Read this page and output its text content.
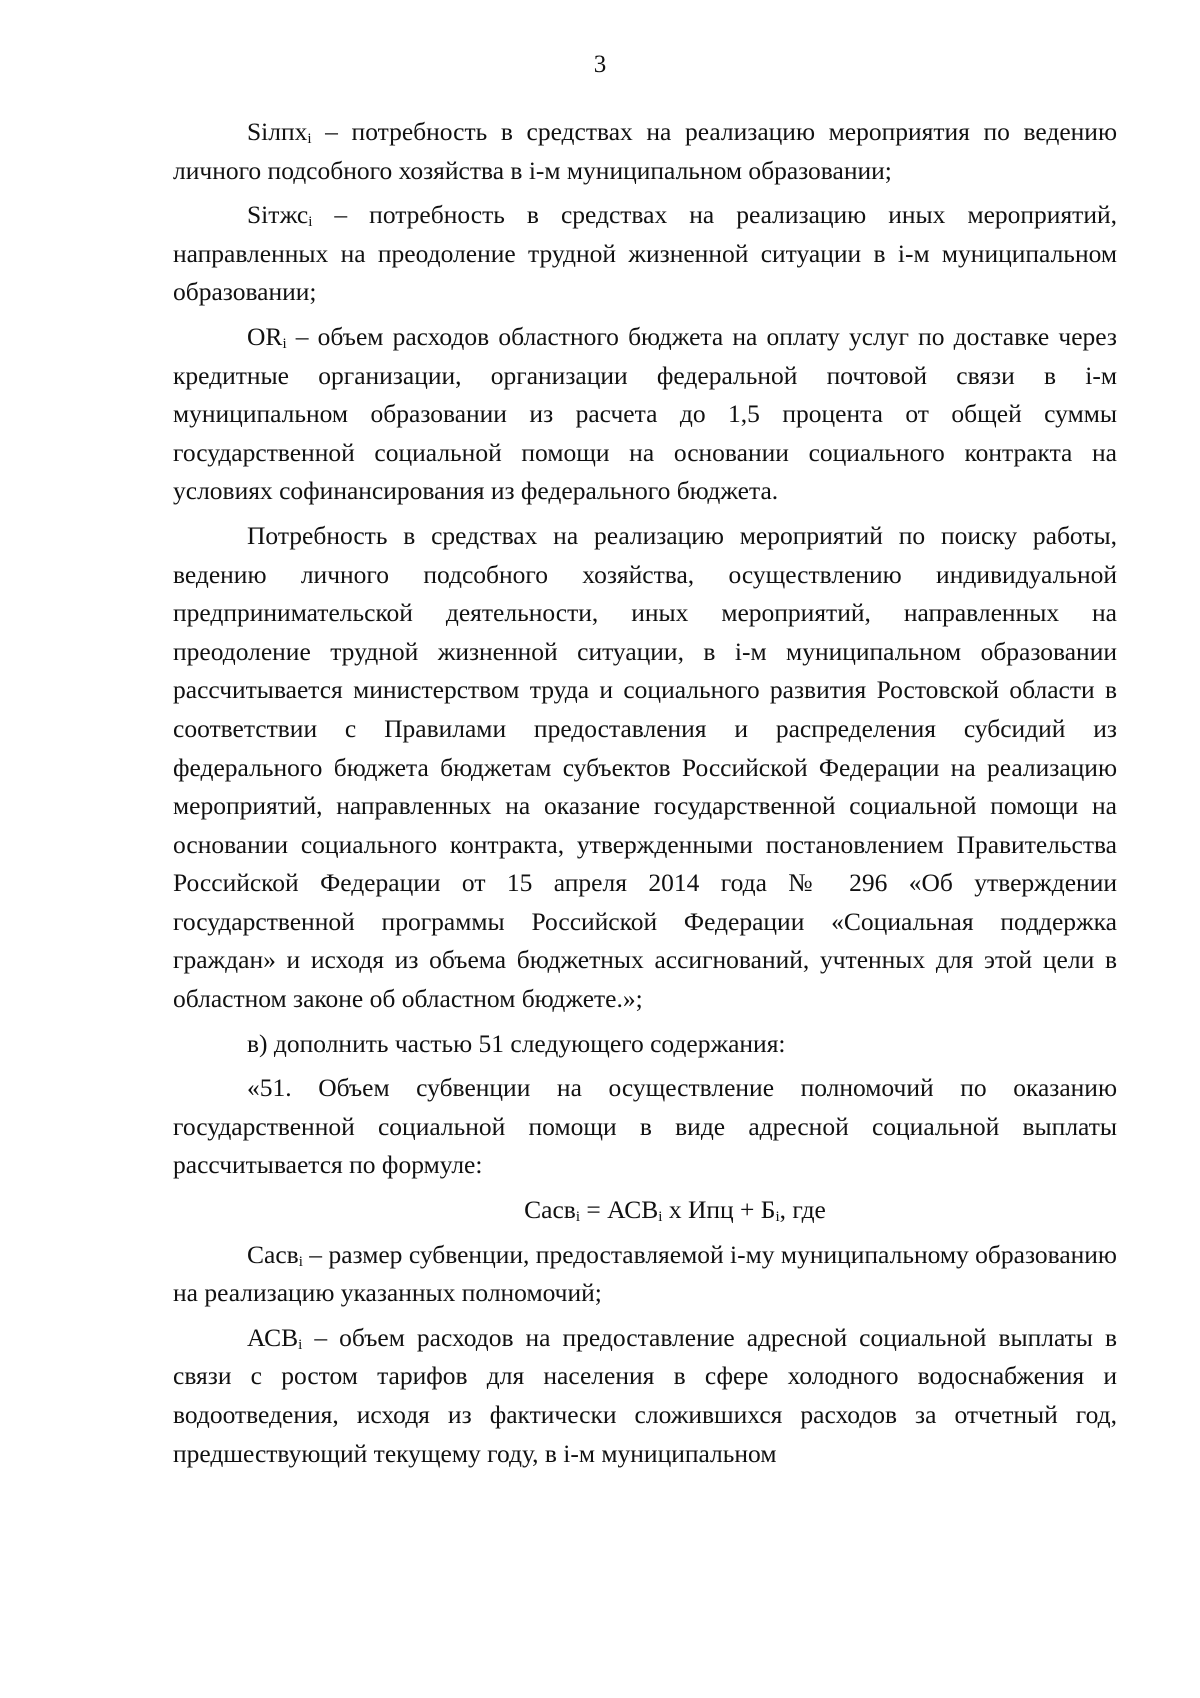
3

Siлпх$_i$ – потребность в средствах на реализацию мероприятия по ведению личного подсобного хозяйства в i-м муниципальном образовании;

Siтжс$_i$ – потребность в средствах на реализацию иных мероприятий, направленных на преодоление трудной жизненной ситуации в i-м муниципальном образовании;

$OR_i$ – объем расходов областного бюджета на оплату услуг по доставке через кредитные организации, организации федеральной почтовой связи в i-м муниципальном образовании из расчета до 1,5 процента от общей суммы государственной социальной помощи на основании социального контракта на условиях софинансирования из федерального бюджета.

Потребность в средствах на реализацию мероприятий по поиску работы, ведению личного подсобного хозяйства, осуществлению индивидуальной предпринимательской деятельности, иных мероприятий, направленных на преодоление трудной жизненной ситуации, в i-м муниципальном образовании рассчитывается министерством труда и социального развития Ростовской области в соответствии с Правилами предоставления и распределения субсидий из федерального бюджета бюджетам субъектов Российской Федерации на реализацию мероприятий, направленных на оказание государственной социальной помощи на основании социального контракта, утвержденными постановлением Правительства Российской Федерации от 15 апреля 2014 года № 296 «Об утверждении государственной программы Российской Федерации «Социальная поддержка граждан» и исходя из объема бюджетных ассигнований, учтенных для этой цели в областном законе об областном бюджете.»;

в) дополнить частью 51 следующего содержания:

«51. Объем субвенции на осуществление полномочий по оказанию государственной социальной помощи в виде адресной социальной выплаты рассчитывается по формуле:

Сасв$_i$ = $АСВ_i$ х Ипц + $Б_i$, где

Сасв$_i$ – размер субвенции, предоставляемой i-му муниципальному образованию на реализацию указанных полномочий;

$АСВ_i$ – объем расходов на предоставление адресной социальной выплаты в связи с ростом тарифов для населения в сфере холодного водоснабжения и водоотведения, исходя из фактически сложившихся расходов за отчетный год, предшествующий текущему году, в i-м муниципальном
